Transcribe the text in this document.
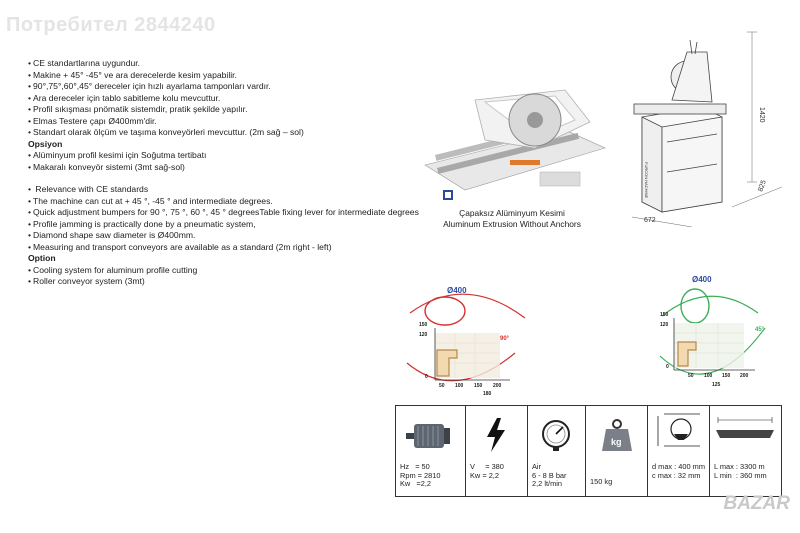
Потребител 2844240
• CE standartlarına uygundur.
• Makine + 45° -45° ve ara derecelerde kesim yapabilir.
• 90°,75°,60°,45° dereceler için hızlı ayarlama tamponları vardır.
• Ara dereceler için tablo sabitleme kolu mevcuttur.
• Profil sıkışması pnömatik sistemdir, pratik şekilde yapılır.
• Elmas Testere çapı Ø400mm'dir.
• Standart olarak ölçüm ve taşıma konveyörleri mevcuttur. (2m sağ – sol)
Opsiyon
• Alüminyum profil kesimi için Soğutma tertibatı
• Makaralı konveyör sistemi (3mt sağ-sol)
• Relevance with CE standards
• The machine can cut at + 45 °, -45 ° and intermediate degrees.
• Quick adjustment bumpers for 90 °, 75 °, 60 °, 45 ° degreesTable fixing lever for intermediate degrees
• Profile jamming is practically done by a pneumatic system,
• Diamond shape saw diameter is Ø400mm.
• Measuring and transport conveyors are available as a standard (2m right - left)
Option
• Cooling system for aluminum profile cutting
• Roller conveyor system (3mt)
Çapaksız Alüminyum Kesimi
Aluminum Extrusion Without Anchors
FURCON HACHINE
1420
825
672
Ø400
90°
150
120
0
50 100 150 200
180
Ø400
45°
150
120
0
50 100 150 200
125
Hz   = 50
Rpm = 2810
Kw   =2,2
V     = 380
Kw = 2,2
Air
6 - 8 B bar
2,2 lt/min
kg
150 kg
d max : 400 mm
c max : 32 mm
L max : 3300 m
L min  : 360 mm
BAZAR
